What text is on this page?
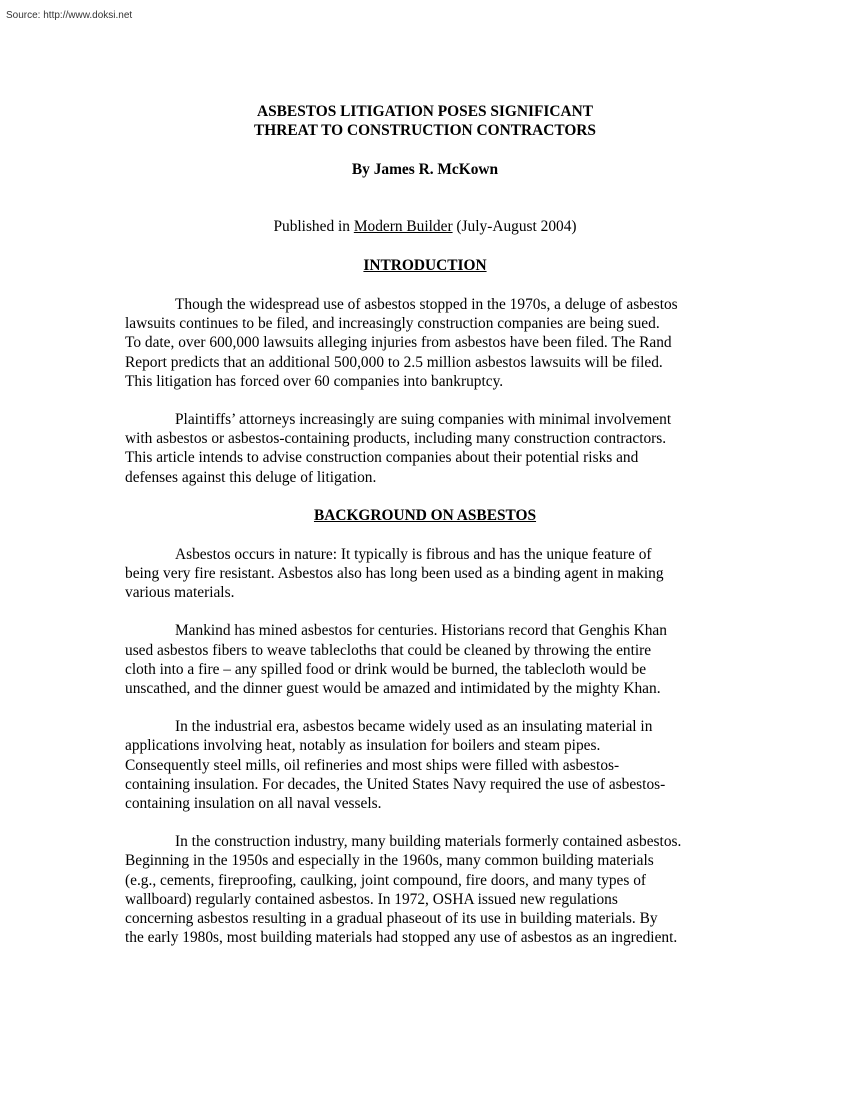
Source: http://www.doksi.net

ASBESTOS LITIGATION POSES SIGNIFICANT
THREAT TO CONSTRUCTION CONTRACTORS

By James R. McKown

Published in Modern Builder (July-August 2004)

INTRODUCTION

Though the widespread use of asbestos stopped in the 1970s, a deluge of asbestos
lawsuits continues to be filed, and increasingly construction companies are being sued.
To date, over 600,000 lawsuits alleging injuries from asbestos have been filed. The Rand
Report predicts that an additional 500,000 to 2.5 million asbestos lawsuits will be filed.
This litigation has forced over 60 companies into bankruptcy.

Plaintiffs’ attorneys increasingly are suing companies with minimal involvement
with asbestos or asbestos-containing products, including many construction contractors.
This article intends to advise construction companies about their potential risks and
defenses against this deluge of litigation.

BACKGROUND ON ASBESTOS

Asbestos occurs in nature: It typically is fibrous and has the unique feature of
being very fire resistant. Asbestos also has long been used as a binding agent in making
various materials.

Mankind has mined asbestos for centuries. Historians record that Genghis Khan
used asbestos fibers to weave tablecloths that could be cleaned by throwing the entire
cloth into a fire – any spilled food or drink would be burned, the tablecloth would be
unscathed, and the dinner guest would be amazed and intimidated by the mighty Khan.

In the industrial era, asbestos became widely used as an insulating material in
applications involving heat, notably as insulation for boilers and steam pipes.
Consequently steel mills, oil refineries and most ships were filled with asbestos-
containing insulation. For decades, the United States Navy required the use of asbestos-
containing insulation on all naval vessels.

In the construction industry, many building materials formerly contained asbestos.
Beginning in the 1950s and especially in the 1960s, many common building materials
(e.g., cements, fireproofing, caulking, joint compound, fire doors, and many types of
wallboard) regularly contained asbestos. In 1972, OSHA issued new regulations
concerning asbestos resulting in a gradual phaseout of its use in building materials. By
the early 1980s, most building materials had stopped any use of asbestos as an ingredient.
